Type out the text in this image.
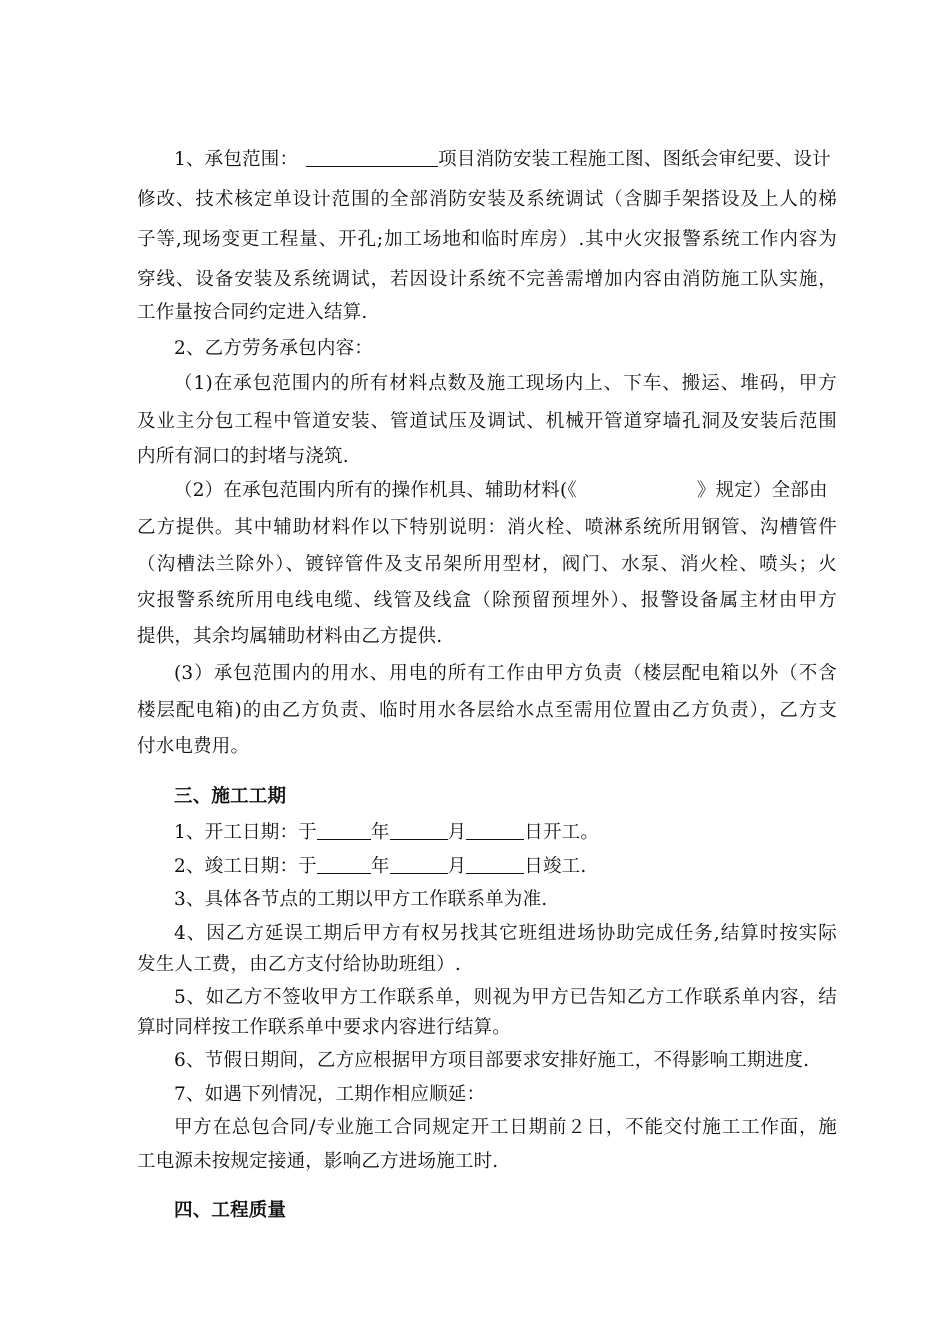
1、承包范围：	项目消防安装工程施工图、图纸会审纪要、设计
修改、技术核定单设计范围的全部消防安装及系统调试（含脚手架搭设及上人的梯
子等,现场变更工程量、开孔;加工场地和临时库房）.其中火灾报警系统工作内容为
穿线、设备安装及系统调试，若因设计系统不完善需增加内容由消防施工队实施，
工作量按合同约定进入结算.
2、乙方劳务承包内容：
（1)在承包范围内的所有材料点数及施工现场内上、下车、搬运、堆码，甲方
及业主分包工程中管道安装、管道试压及调试、机械开管道穿墙孔洞及安装后范围
内所有洞口的封堵与浇筑.
（2）在承包范围内所有的操作机具、辅助材料(《	》规定）全部由
乙方提供。其中辅助材料作以下特别说明：消火栓、喷淋系统所用钢管、沟槽管件
（沟槽法兰除外）、镀锌管件及支吊架所用型材，阀门、水泵、消火栓、喷头；火
灾报警系统所用电线电缆、线管及线盒（除预留预埋外）、报警设备属主材由甲方
提供，其余均属辅助材料由乙方提供.
(3）承包范围内的用水、用电的所有工作由甲方负责（楼层配电箱以外（不含
楼层配电箱)的由乙方负责、临时用水各层给水点至需用位置由乙方负责），乙方支
付水电费用。
三、施工工期
1、开工日期：于	年	月	日开工。
2、竣工日期：于	年	月	日竣工.
3、具体各节点的工期以甲方工作联系单为准.
4、因乙方延误工期后甲方有权另找其它班组进场协助完成任务,结算时按实际
发生人工费，由乙方支付给协助班组）.
5、如乙方不签收甲方工作联系单，则视为甲方已告知乙方工作联系单内容，结
算时同样按工作联系单中要求内容进行结算。
6、节假日期间，乙方应根据甲方项目部要求安排好施工，不得影响工期进度.
7、如遇下列情况，工期作相应顺延：
甲方在总包合同/专业施工合同规定开工日期前２日，不能交付施工工作面，施
工电源未按规定接通，影响乙方进场施工时.
四、工程质量
